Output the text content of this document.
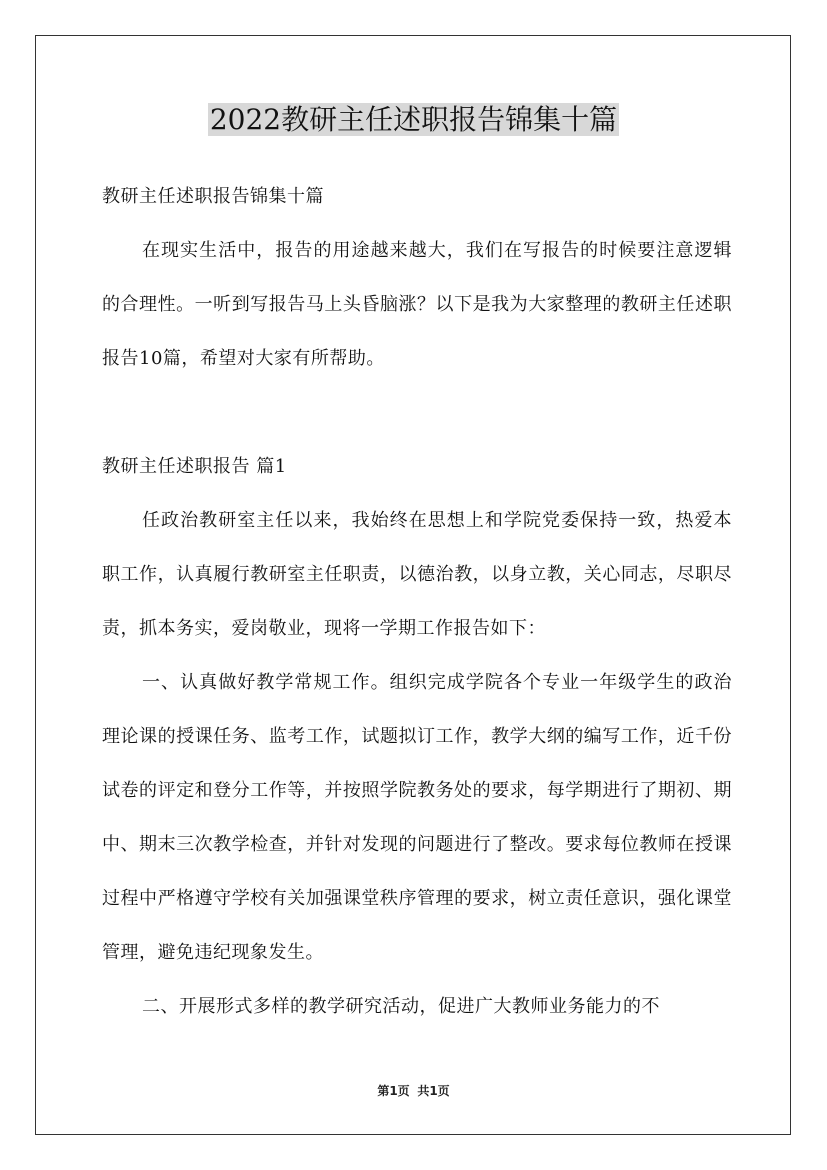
2022教研主任述职报告锦集十篇

教研主任述职报告锦集十篇

在现实生活中，报告的用途越来越大，我们在写报告的时候要注意逻辑的合理性。一听到写报告马上头昏脑涨？以下是我为大家整理的教研主任述职报告10篇，希望对大家有所帮助。

教研主任述职报告 篇1

任政治教研室主任以来，我始终在思想上和学院党委保持一致，热爱本职工作，认真履行教研室主任职责，以德治教，以身立教，关心同志，尽职尽责，抓本务实，爱岗敬业，现将一学期工作报告如下：

一、认真做好教学常规工作。组织完成学院各个专业一年级学生的政治理论课的授课任务、监考工作，试题拟订工作，教学大纲的编写工作，近千份试卷的评定和登分工作等，并按照学院教务处的要求，每学期进行了期初、期中、期末三次教学检查，并针对发现的问题进行了整改。要求每位教师在授课过程中严格遵守学校有关加强课堂秩序管理的要求，树立责任意识，强化课堂管理，避免违纪现象发生。

二、开展形式多样的教学研究活动，促进广大教师业务能力的不

第1页 共1页
